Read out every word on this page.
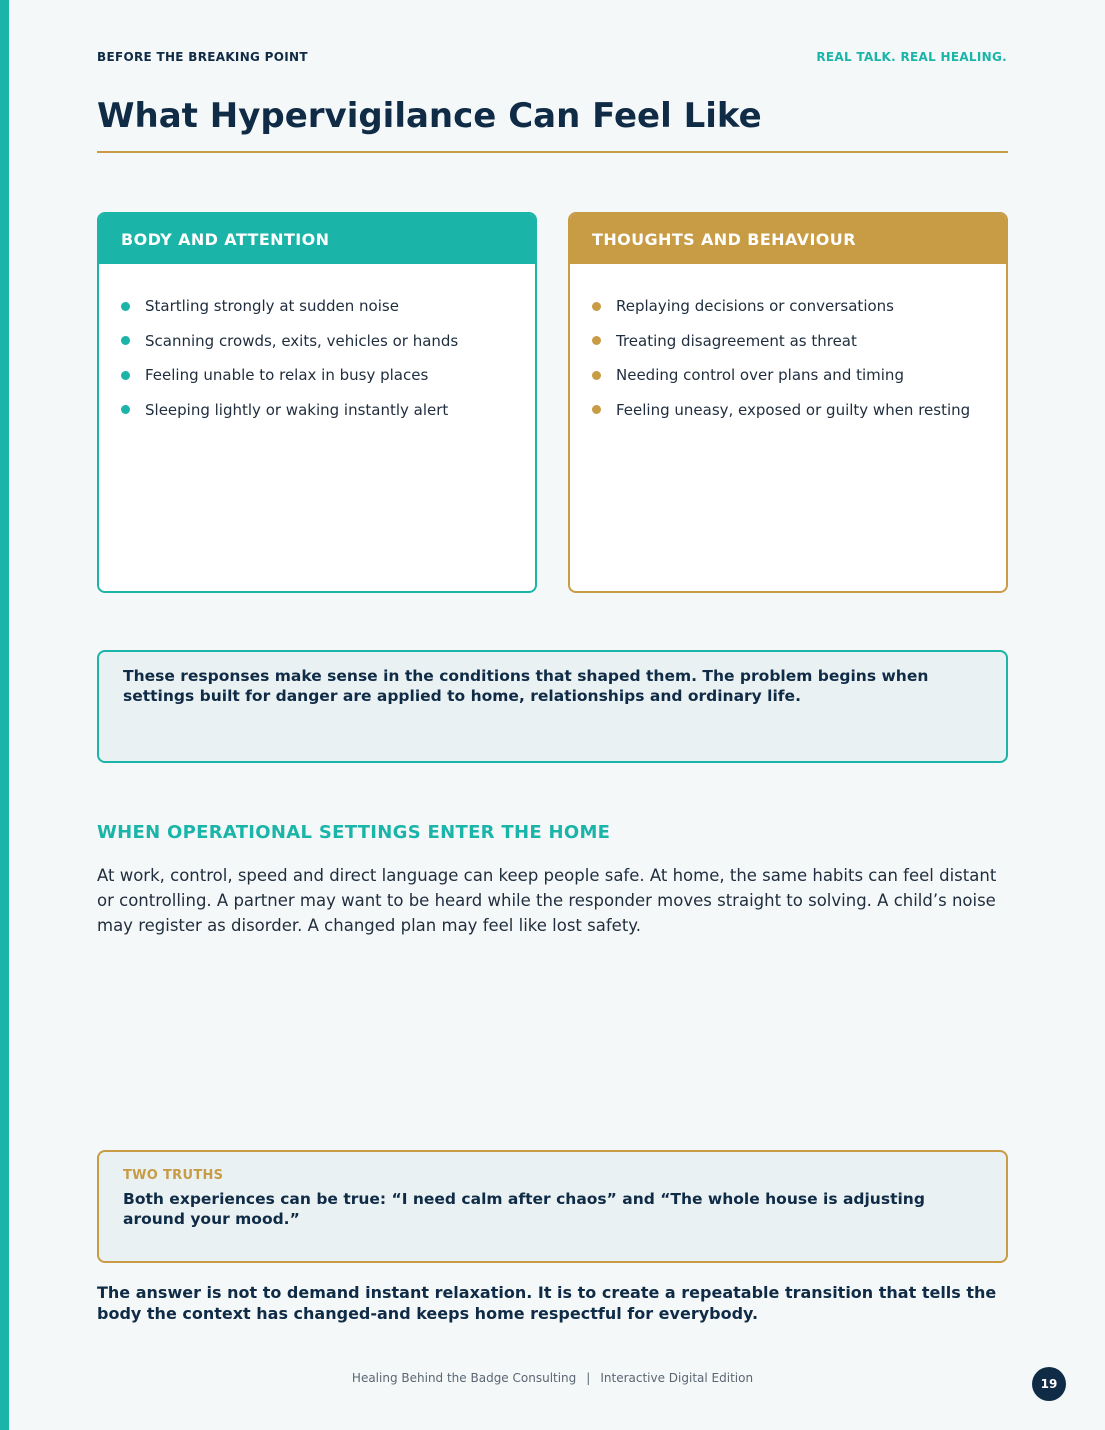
BEFORE THE BREAKING POINT	REAL TALK. REAL HEALING.
What Hypervigilance Can Feel Like
BODY AND ATTENTION
Startling strongly at sudden noise
Scanning crowds, exits, vehicles or hands
Feeling unable to relax in busy places
Sleeping lightly or waking instantly alert
THOUGHTS AND BEHAVIOUR
Replaying decisions or conversations
Treating disagreement as threat
Needing control over plans and timing
Feeling uneasy, exposed or guilty when resting

These responses make sense in the conditions that shaped them. The problem begins when settings built for danger are applied to home, relationships and ordinary life.

WHEN OPERATIONAL SETTINGS ENTER THE HOME

At work, control, speed and direct language can keep people safe. At home, the same habits can feel distant or controlling. A partner may want to be heard while the responder moves straight to solving. A child’s noise may register as disorder. A changed plan may feel like lost safety.

TWO TRUTHS

Both experiences can be true: “I need calm after chaos” and “The whole house is adjusting around your mood.”

The answer is not to demand instant relaxation. It is to create a repeatable transition that tells the body the context has changed-and keeps home respectful for everybody.

Healing Behind the Badge Consulting | Interactive Digital Edition	19
